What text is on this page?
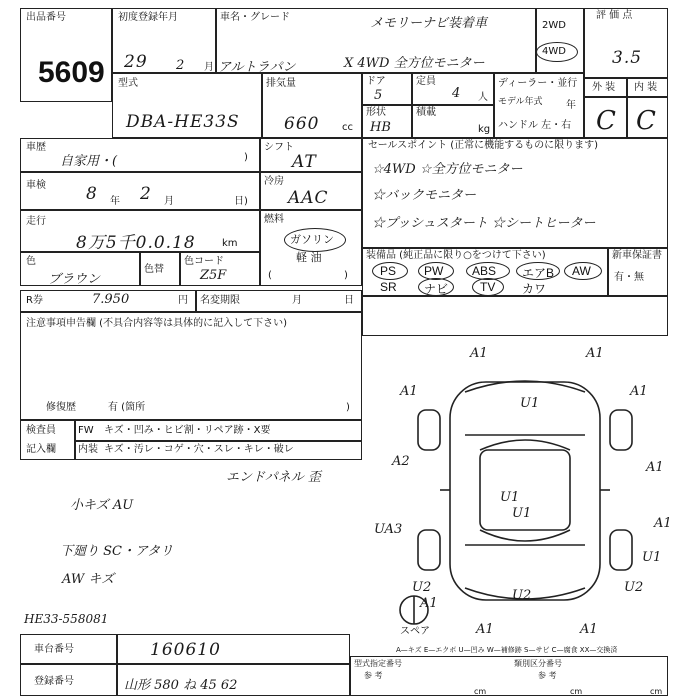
出品番号
5609
初度登録年月
29 2 月
車名・グレード	メモリーナビ装着車
アルトラパン	X 4WD 全方位モニター
2WD
4WD
評 価 点
3.5
型式
DBA-HE33S
排気量
660 cc
ドア
5
定員
4 人
形状
HB
積載
kg
ディーラー・並行
モデル年式 年
ハンドル 左・右
外 装 内 装
C C
車歴
自家用・(	)
シフト
AT
車検 8 年 2 月	日)
冷房
AAC
走行
8万5千0.0.18	km
燃料
ガソリン
軽 油
(	)
色
ブラウン
色替
色コード
Z5F
R券	7.950	円 名変期限	月	日
注意事項申告欄 (不具合内容等は具体的に記入して下さい)
修復歴	有 (箇所	)
検査員
記入欄
FW キズ・凹み・ヒビ割・リペア跡・X要
内装 キズ・汚レ・コゲ・穴・スレ・キレ・破レ
エンドパネル 歪
小キズ AU
下廻り SC・アタリ
AW キズ
HE33-558081
セールスポイント (正常に機能するものに限ります)
☆4WD ☆全方位モニター
☆バックモニター
☆プッシュスタート ☆シートヒーター
装備品 (純正品に限り○をつけて下さい)	新車保証書
有・無
PS PW ABS エアB AW
SR ナビ	TV カワ
A1	A1
A1	A1
A2	A1
U1
A1
UA3
U1
U1
U2
U2	U2
U1
A1	A1
A1
スペア
A—キズ E—エクボ U—凹み W—補修跡 S—サビ C—腐食 XX—交換済
車台番号	160610
登録番号	山形 580 ね 45 62
型式指定番号	類別区分番号
参 考	参 考
cm	cm	cm
